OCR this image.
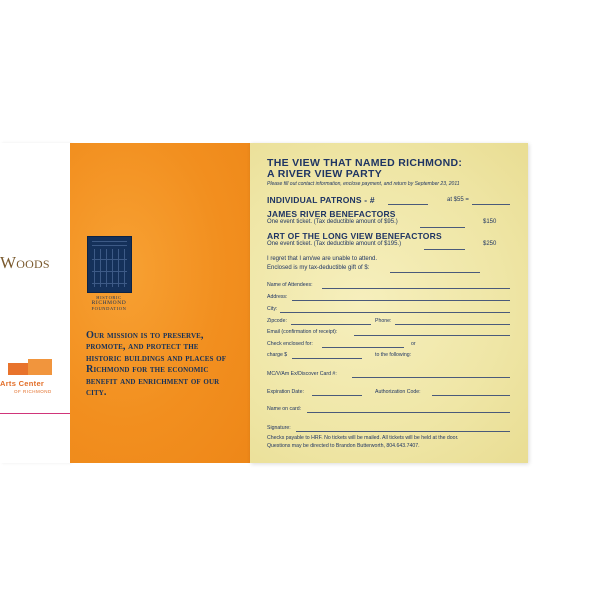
Woods
Arts Center
OF RICHMOND
HISTORIC
RICHMOND
FOUNDATION
Our mission is to preserve, promote, and protect the historic buildings and places of Richmond for the economic benefit and enrichment of our city.
THE VIEW THAT NAMED RICHMOND:
A RIVER VIEW PARTY
Please fill out contact information, enclose payment, and return by September 23, 2011
INDIVIDUAL PATRONS - #	at $55 =
JAMES RIVER BENEFACTORS
One event ticket. (Tax deductible amount of $95.)	$150
ART OF THE LONG VIEW BENEFACTORS
One event ticket. (Tax deductible amount of $195.)	$250
I regret that I am/we are unable to attend.
Enclosed is my tax-deductible gift of $:
Name of Attendees:
Address:
City:
Zipcode:	Phone:
Email (confirmation of receipt):
Check enclosed for:	or
charge $	to the following:
MC/V/Am Ex/Discover Card #:
Expiration Date:	Authorization Code:
Name on card:
Signature:
Checks payable to HRF. No tickets will be mailed. All tickets will be held at the door.
Questions may be directed to Brandon Butterworth, 804.643.7407.
